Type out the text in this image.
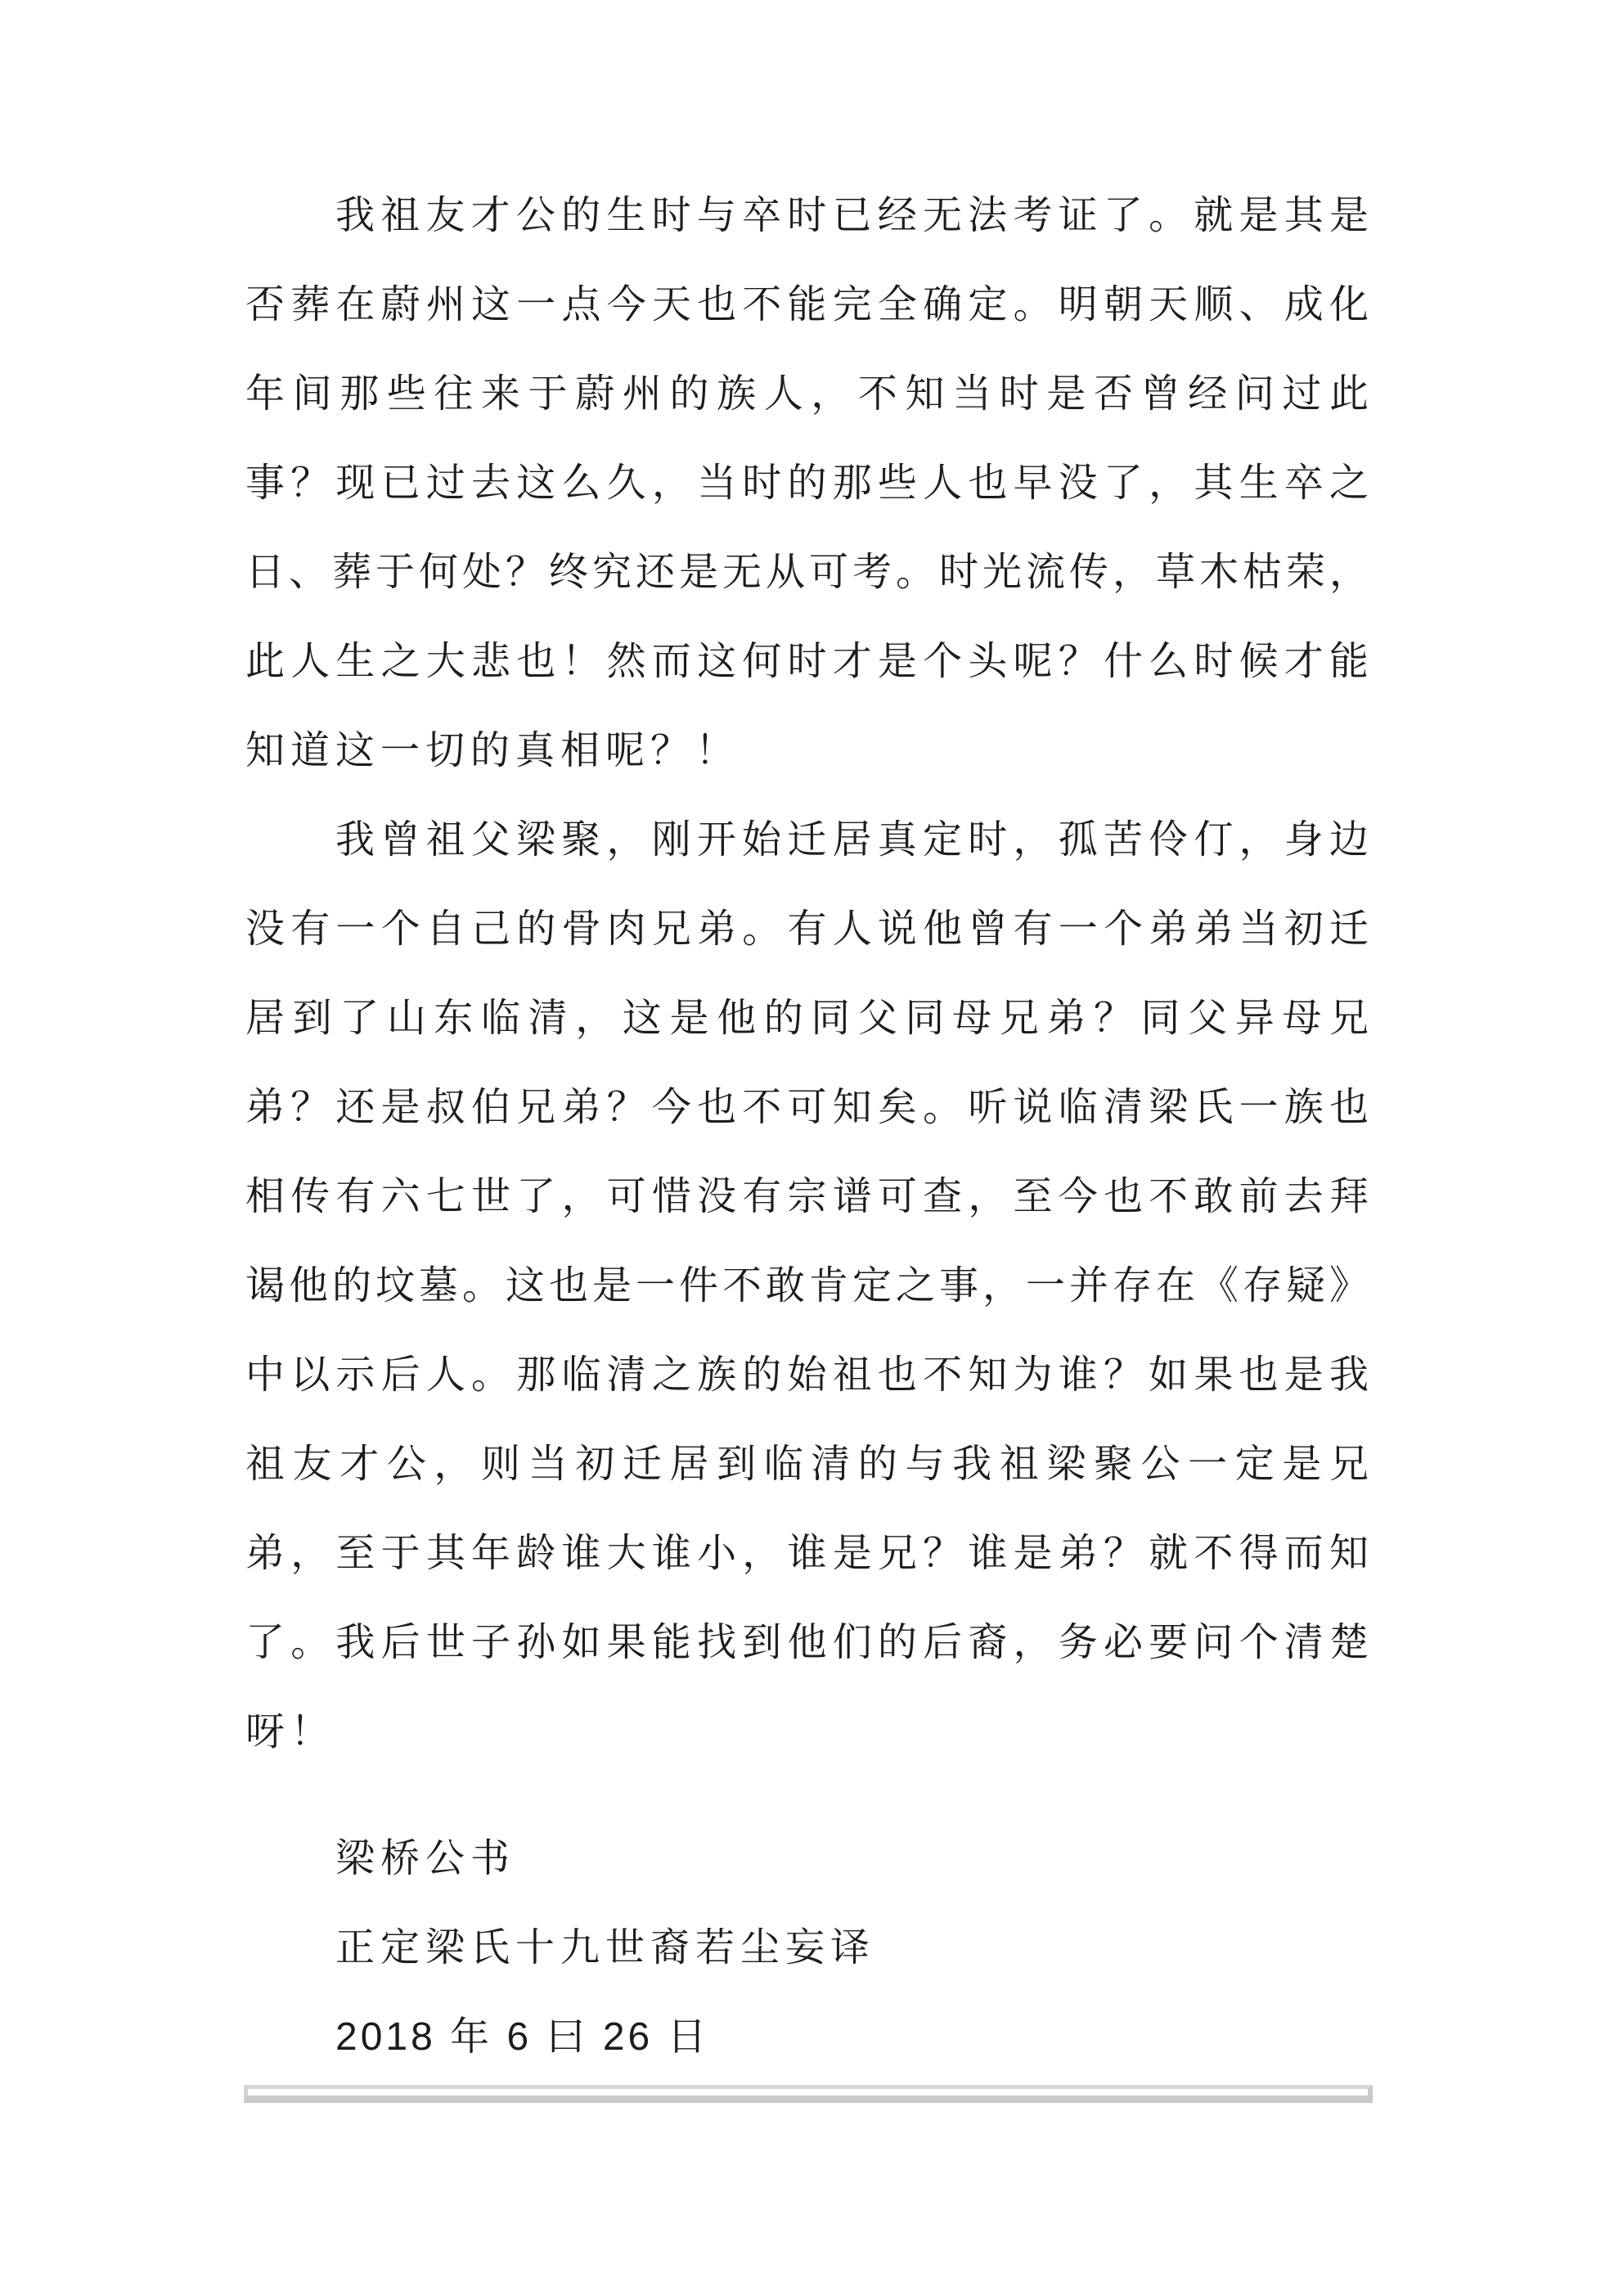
我祖友才公的生时与卒时已经无法考证了。就是其是
否葬在蔚州这一点今天也不能完全确定。明朝天顺、成化
年间那些往来于蔚州的族人，不知当时是否曾经问过此
事？现已过去这么久，当时的那些人也早没了，其生卒之
日、葬于何处？终究还是无从可考。时光流传，草木枯荣，
此人生之大悲也！然而这何时才是个头呢？什么时候才能
知道这一切的真相呢？！
我曾祖父梁聚，刚开始迁居真定时，孤苦伶仃，身边
没有一个自己的骨肉兄弟。有人说他曾有一个弟弟当初迁
居到了山东临清，这是他的同父同母兄弟？同父异母兄
弟？还是叔伯兄弟？今也不可知矣。听说临清梁氏一族也
相传有六七世了，可惜没有宗谱可查，至今也不敢前去拜
谒他的坟墓。这也是一件不敢肯定之事，一并存在《存疑》
中以示后人。那临清之族的始祖也不知为谁？如果也是我
祖友才公，则当初迁居到临清的与我祖梁聚公一定是兄
弟，至于其年龄谁大谁小，谁是兄？谁是弟？就不得而知
了。我后世子孙如果能找到他们的后裔，务必要问个清楚
呀！
梁桥公书
正定梁氏十九世裔若尘妄译
2018 年 6 曰 26 日
